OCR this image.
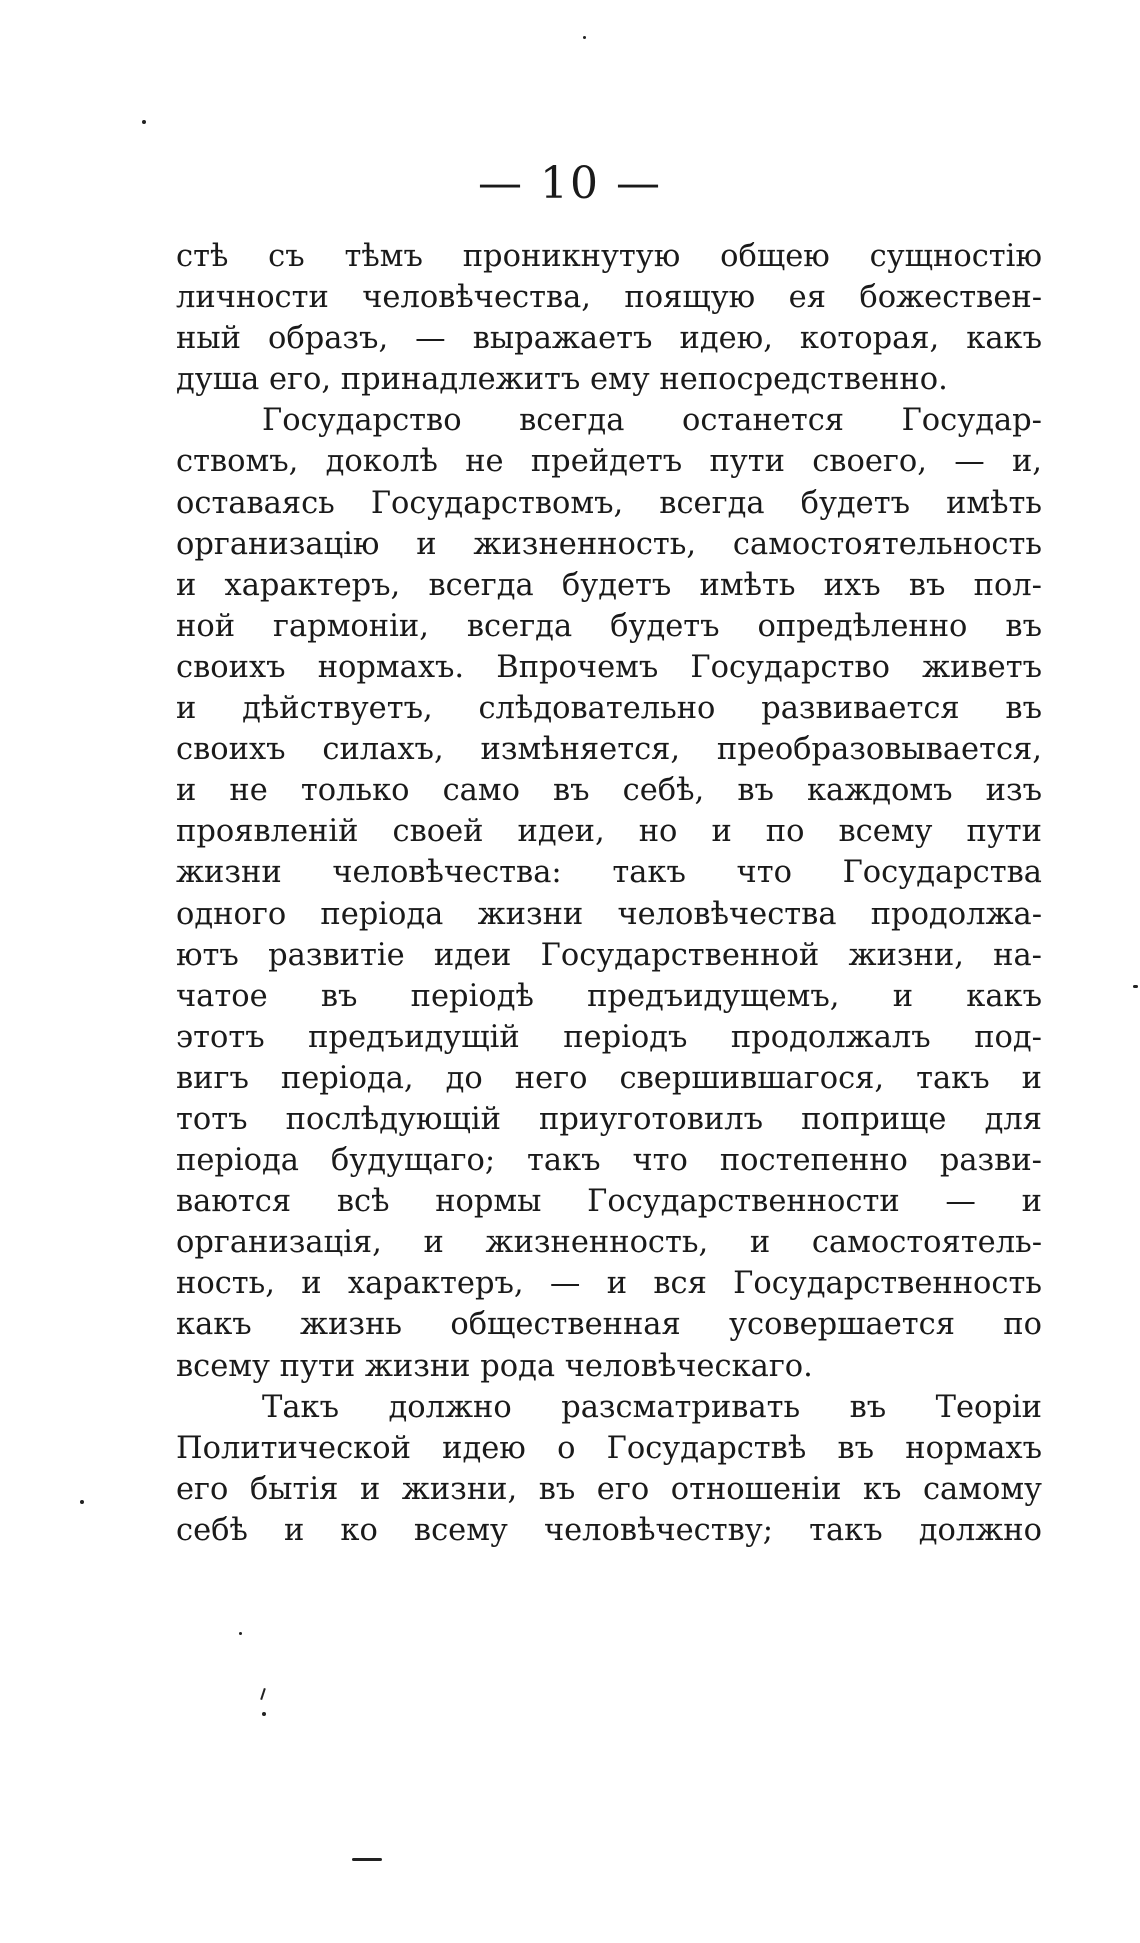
— 10 —
стѣ съ тѣмъ проникнутую общею сущностію
личности человѣчества, поящую ея божествен-
ный образъ, — выражаетъ идею, которая, какъ
душа его, принадлежитъ ему непосредственно.
Государство всегда останется Государ-
ствомъ, доколѣ не прейдетъ пути своего, — и,
оставаясь Государствомъ, всегда будетъ имѣть
организацію и жизненность, самостоятельность
и характеръ, всегда будетъ имѣть ихъ въ пол-
ной гармоніи, всегда будетъ опредѣленно въ
своихъ нормахъ. Впрочемъ Государство живетъ
и дѣйствуетъ, слѣдовательно развивается въ
своихъ силахъ, измѣняется, преобразовывается,
и не только само въ себѣ, въ каждомъ изъ
проявленій своей идеи, но и по всему пути
жизни человѣчества: такъ что Государства
одного періода жизни человѣчества продолжа-
ютъ развитіе идеи Государственной жизни, на-
чатое въ періодѣ предъидущемъ, и какъ
этотъ предъидущій періодъ продолжалъ под-
вигъ періода, до него свершившагося, такъ и
тотъ послѣдующій приуготовилъ поприще для
періода будущаго; такъ что постепенно разви-
ваются всѣ нормы Государственности — и
организація, и жизненность, и самостоятель-
ность, и характеръ, — и вся Государственность
какъ жизнь общественная усовершается по
всему пути жизни рода человѣческаго.
Такъ должно разсматривать въ Теоріи
Политической идею о Государствѣ въ нормахъ
его бытія и жизни, въ его отношеніи къ самому
себѣ и ко всему человѣчеству; такъ должно
